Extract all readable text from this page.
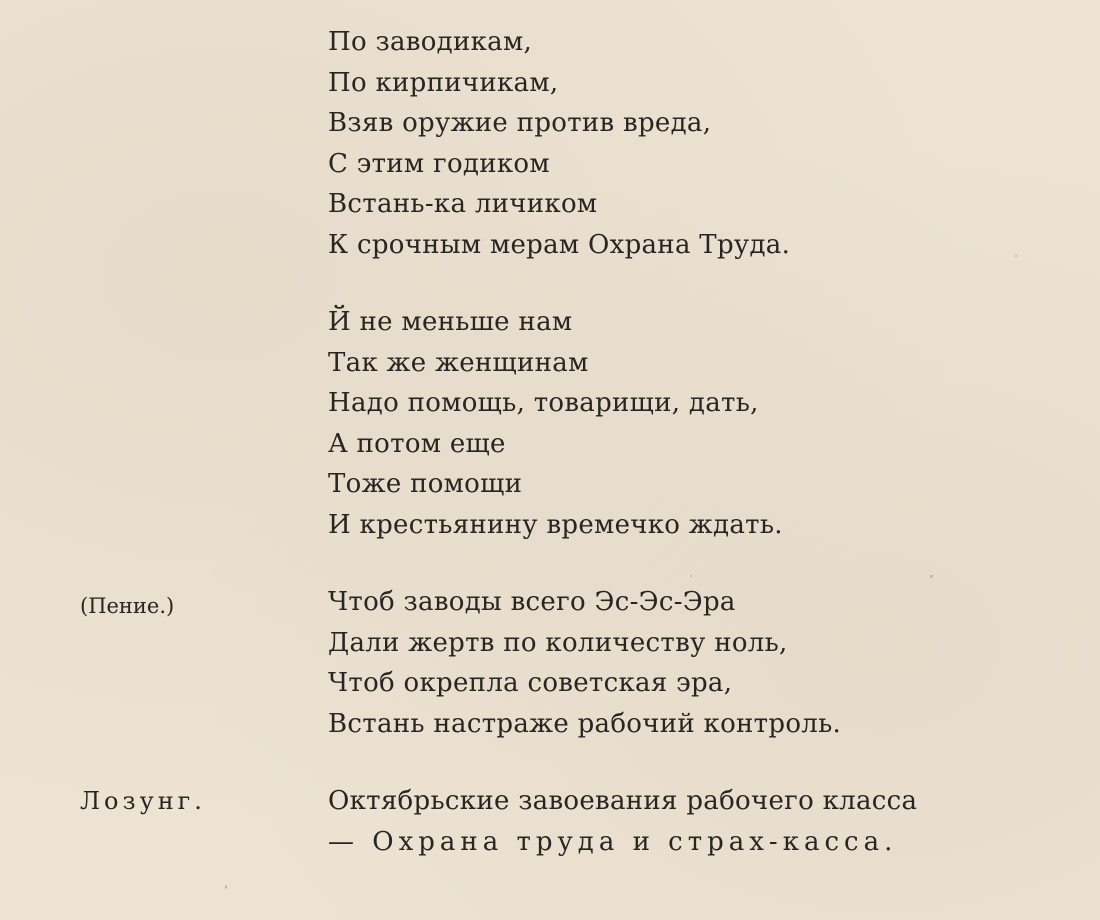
По заводикам,
По кирпичикам,
Взяв оружие против вреда,
С этим годиком
Встань-ка личиком
К срочным мерам Охрана Труда.
Й не меньше нам
Так же женщинам
Надо помощь, товарищи, дать,
А потом еще
Тоже помощи
И крестьянину времечко ждать.
(Пение.)	Чтоб заводы всего Эс-Эс-Эра
Дали жертв по количеству ноль,
Чтоб окрепла советская эра,
Встань настраже рабочий контроль.
Лозунг.	Октябрьские завоевания рабочего класса
— Охрана труда и страх-касса.
